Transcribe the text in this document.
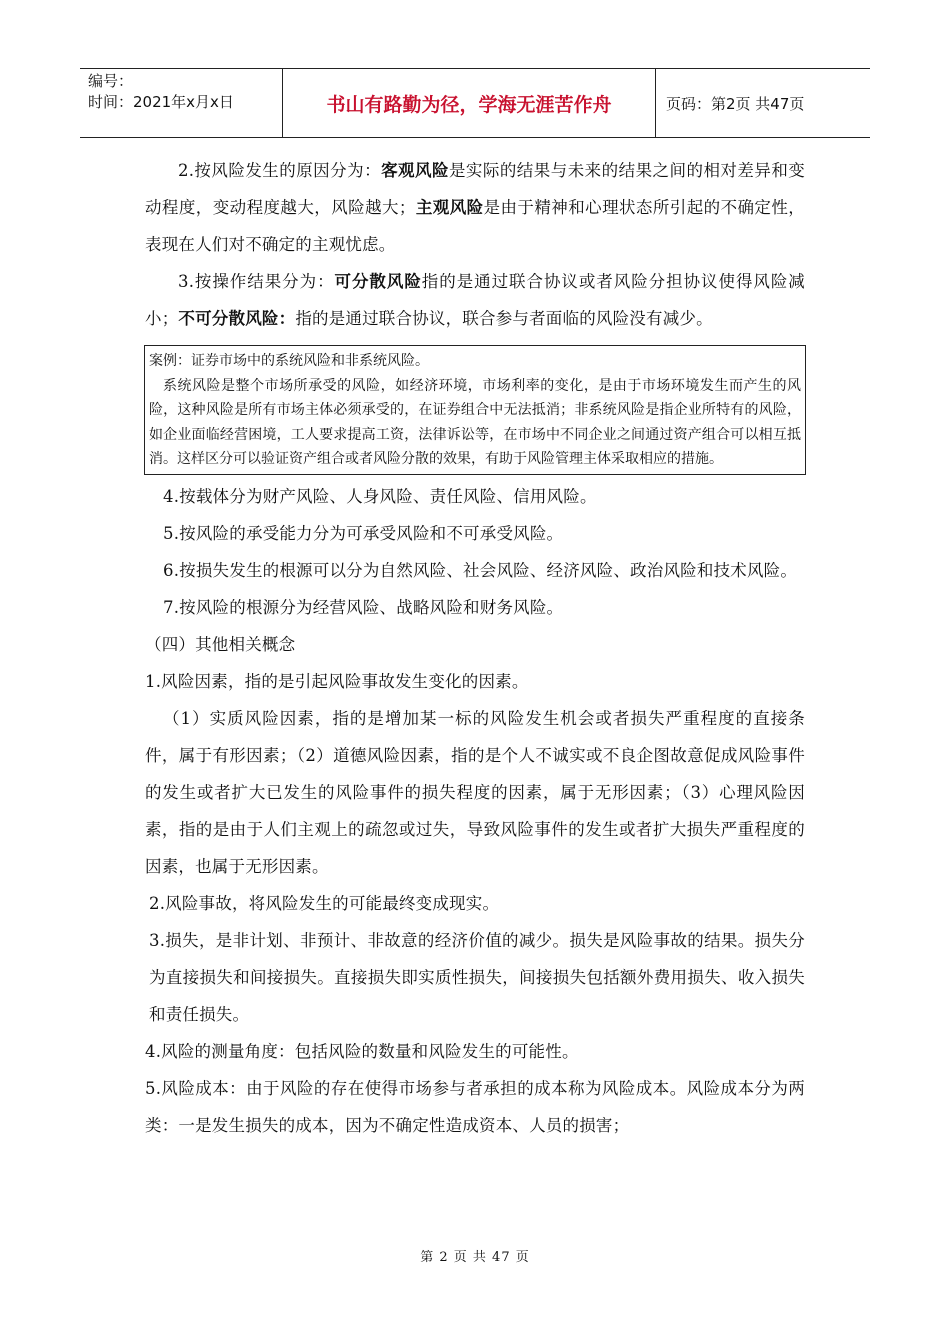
编号：
时间：2021年x月x日	书山有路勤为径，学海无涯苦作舟	页码：第2页 共47页

2.按风险发生的原因分为：客观风险是实际的结果与未来的结果之间的相对差异和变动程度，变动程度越大，风险越大；主观风险是由于精神和心理状态所引起的不确定性，表现在人们对不确定的主观忧虑。

3.按操作结果分为：可分散风险指的是通过联合协议或者风险分担协议使得风险减小；不可分散风险：指的是通过联合协议，联合参与者面临的风险没有减少。

案例：证券市场中的系统风险和非系统风险。

系统风险是整个市场所承受的风险，如经济环境，市场利率的变化，是由于市场环境发生而产生的风险，这种风险是所有市场主体必须承受的，在证券组合中无法抵消；非系统风险是指企业所特有的风险，如企业面临经营困境，工人要求提高工资，法律诉讼等，在市场中不同企业之间通过资产组合可以相互抵消。这样区分可以验证资产组合或者风险分散的效果，有助于风险管理主体采取相应的措施。

4.按载体分为财产风险、人身风险、责任风险、信用风险。

5.按风险的承受能力分为可承受风险和不可承受风险。

6.按损失发生的根源可以分为自然风险、社会风险、经济风险、政治风险和技术风险。

7.按风险的根源分为经营风险、战略风险和财务风险。

（四）其他相关概念

1.风险因素，指的是引起风险事故发生变化的因素。

（1）实质风险因素，指的是增加某一标的风险发生机会或者损失严重程度的直接条件，属于有形因素；（2）道德风险因素，指的是个人不诚实或不良企图故意促成风险事件的发生或者扩大已发生的风险事件的损失程度的因素，属于无形因素；（3）心理风险因素，指的是由于人们主观上的疏忽或过失，导致风险事件的发生或者扩大损失严重程度的因素，也属于无形因素。

2.风险事故，将风险发生的可能最终变成现实。

3.损失，是非计划、非预计、非故意的经济价值的减少。损失是风险事故的结果。损失分为直接损失和间接损失。直接损失即实质性损失，间接损失包括额外费用损失、收入损失和责任损失。

4.风险的测量角度：包括风险的数量和风险发生的可能性。

5.风险成本：由于风险的存在使得市场参与者承担的成本称为风险成本。风险成本分为两类：一是发生损失的成本，因为不确定性造成资本、人员的损害；

第 2 页 共 47 页
